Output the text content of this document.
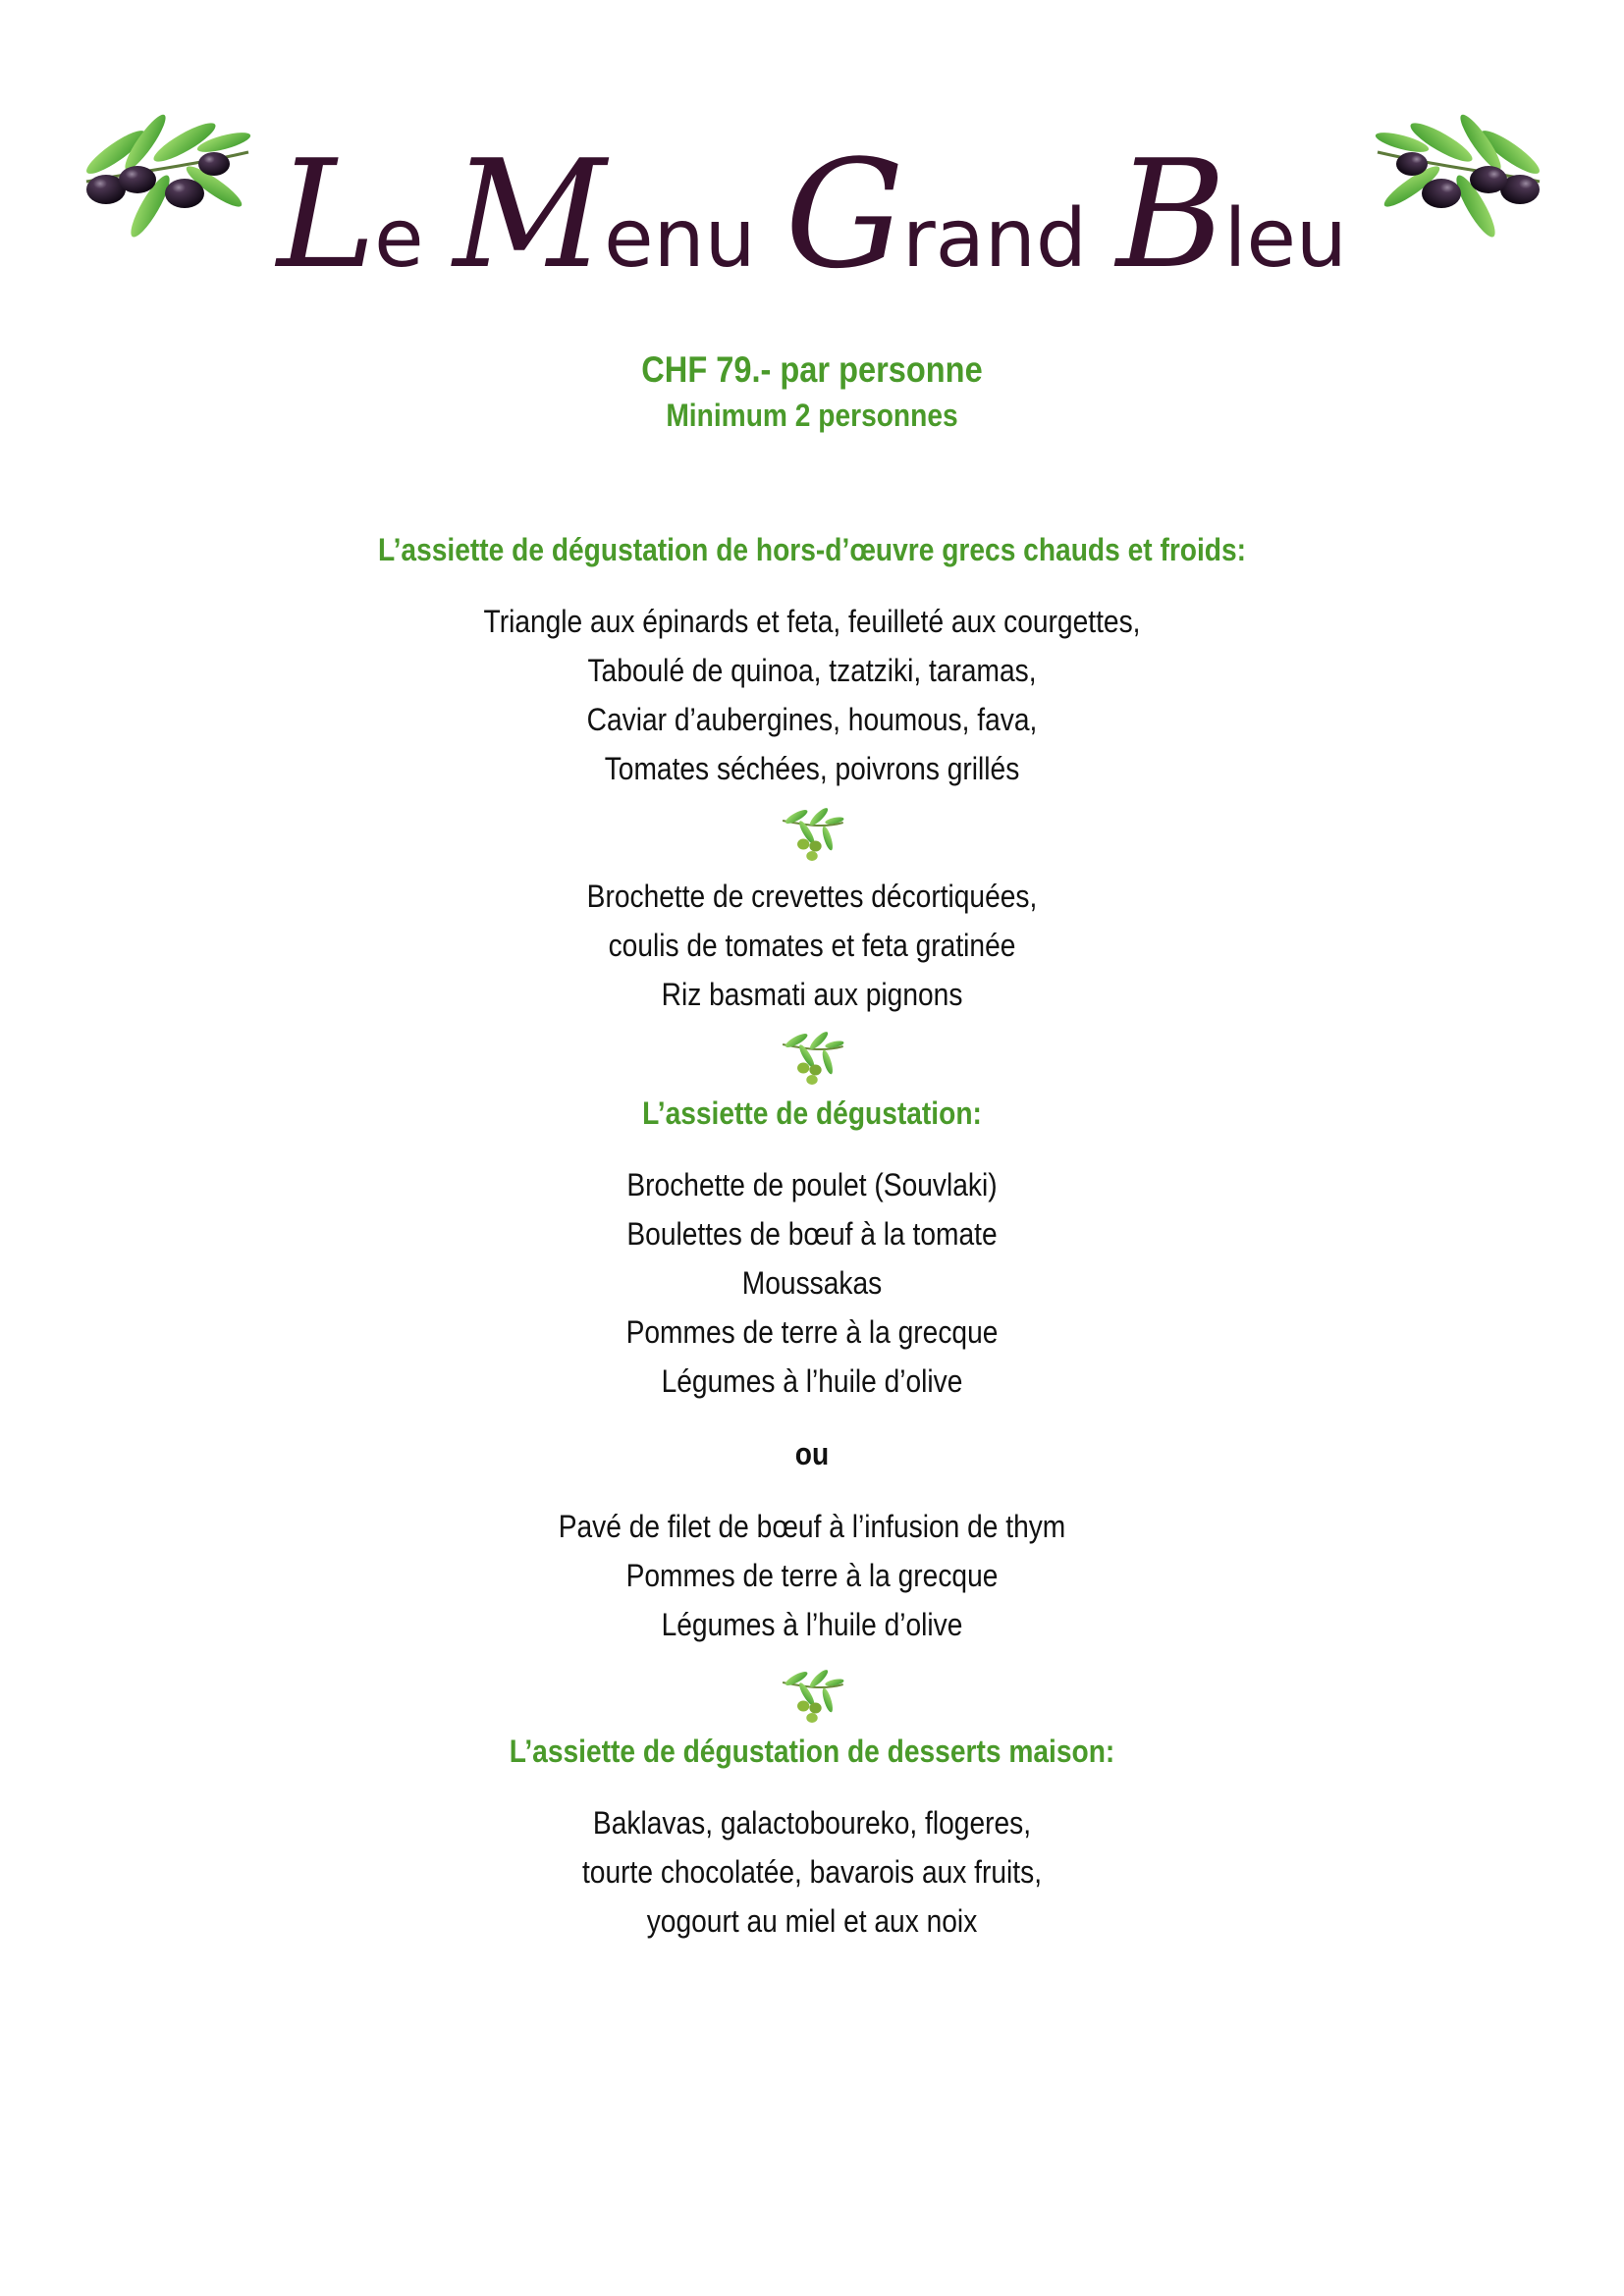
L
e M
enu G
rand B
leu
CHF 79.- par personne
Minimum 2 personnes
L’assiette de dégustation de hors-d’œuvre grecs chauds et froids:
Triangle aux épinards et feta, feuilleté aux courgettes,
Taboulé de quinoa, tzatziki, taramas,
Caviar d’aubergines, houmous, fava,
Tomates séchées, poivrons grillés
Brochette de crevettes décortiquées,
coulis de tomates et feta gratinée
Riz basmati aux pignons
L’assiette de dégustation:
Brochette de poulet (Souvlaki)
Boulettes de bœuf à la tomate
Moussakas
Pommes de terre à la grecque
Légumes à l’huile d’olive
ou
Pavé de filet de bœuf à l’infusion de thym
Pommes de terre à la grecque
Légumes à l’huile d’olive
L’assiette de dégustation de desserts maison:
Baklavas, galactoboureko, flogeres,
tourte chocolatée, bavarois aux fruits,
yogourt au miel et aux noix
